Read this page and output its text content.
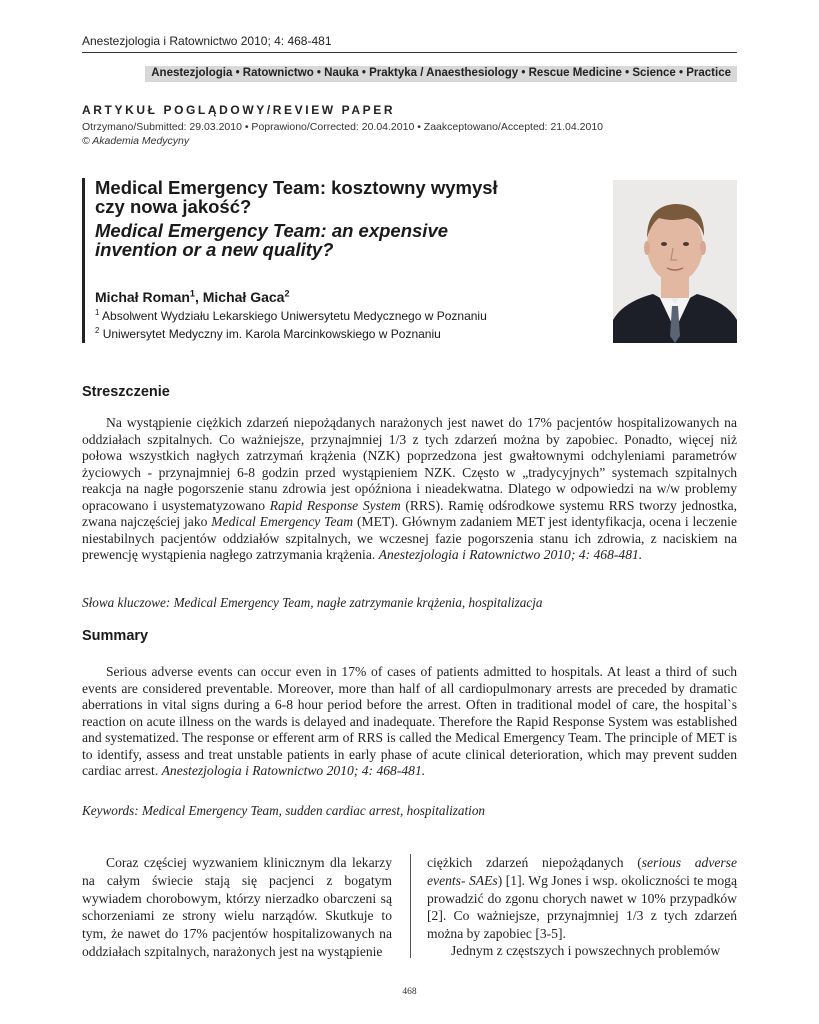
Anestezjologia i Ratownictwo 2010; 4: 468-481
Anestezjologia • Ratownictwo • Nauka • Praktyka / Anaesthesiology • Rescue Medicine • Science • Practice
ARTYKUŁ POGLĄDOWY/REVIEW PAPER
Otrzymano/Submitted: 29.03.2010 • Poprawiono/Corrected: 20.04.2010 • Zaakceptowano/Accepted: 21.04.2010
© Akademia Medycyny
Medical Emergency Team: kosztowny wymysł
czy nowa jakość?
Medical Emergency Team: an expensive
invention or a new quality?
Michał Roman$^1$, Michał Gaca$^2$
$^1$ Absolwent Wydziału Lekarskiego Uniwersytetu Medycznego w Poznaniu
$^2$ Uniwersytet Medyczny im. Karola Marcinkowskiego w Poznaniu
Streszczenie

Na wystąpienie ciężkich zdarzeń niepożądanych narażonych jest nawet do 17% pacjentów hospitalizowanych na oddziałach szpitalnych. Co ważniejsze, przynajmniej 1/3 z tych zdarzeń można by zapobiec. Ponadto, więcej niż połowa wszystkich nagłych zatrzymań krążenia (NZK) poprzedzona jest gwałtownymi odchyleniami parametrów życiowych - przynajmniej 6-8 godzin przed wystąpieniem NZK. Często w „tradycyjnych” systemach szpitalnych reakcja na nagłe pogorszenie stanu zdrowia jest opóźniona i nieadekwatna. Dlatego w odpowiedzi na w/w problemy opracowano i usystematyzowano Rapid Response System (RRS). Ramię odśrodkowe systemu RRS tworzy jednostka, zwana najczęściej jako Medical Emergency Team (MET). Głównym zadaniem MET jest identyfikacja, ocena i leczenie niestabilnych pacjentów oddziałów szpitalnych, we wczesnej fazie pogorszenia stanu ich zdrowia, z naciskiem na prewencję wystąpienia nagłego zatrzymania krążenia. Anestezjologia i Ratownictwo 2010; 4: 468-481.

Słowa kluczowe: Medical Emergency Team, nagłe zatrzymanie krążenia, hospitalizacja
Summary

Serious adverse events can occur even in 17% of cases of patients admitted to hospitals. At least a third of such events are considered preventable. Moreover, more than half of all cardiopulmonary arrests are preceded by dramatic aberrations in vital signs during a 6-8 hour period before the arrest. Often in traditional model of care, the hospital`s reaction on acute illness on the wards is delayed and inadequate. Therefore the Rapid Response System was established and systematized. The response or efferent arm of RRS is called the Medical Emergency Team. The principle of MET is to identify, assess and treat unstable patients in early phase of acute clinical deterioration, which may prevent sudden cardiac arrest. Anestezjologia i Ratownictwo 2010; 4: 468-481.

Keywords: Medical Emergency Team, sudden cardiac arrest, hospitalization

Coraz częściej wyzwaniem klinicznym dla lekarzy na całym świecie stają się pacjenci z bogatym wywiadem chorobowym, którzy nierzadko obarczeni są schorzeniami ze strony wielu narządów. Skutkuje to tym, że nawet do 17% pacjentów hospitalizowanych na oddziałach szpitalnych, narażonych jest na wystąpienie

ciężkich zdarzeń niepożądanych (serious adverse events- SAEs) [1]. Wg Jones i wsp. okoliczności te mogą prowadzić do zgonu chorych nawet w 10% przypadków [2]. Co ważniejsze, przynajmniej 1/3 z tych zdarzeń można by zapobiec [3-5].

Jednym z częstszych i powszechnych problemów

468
